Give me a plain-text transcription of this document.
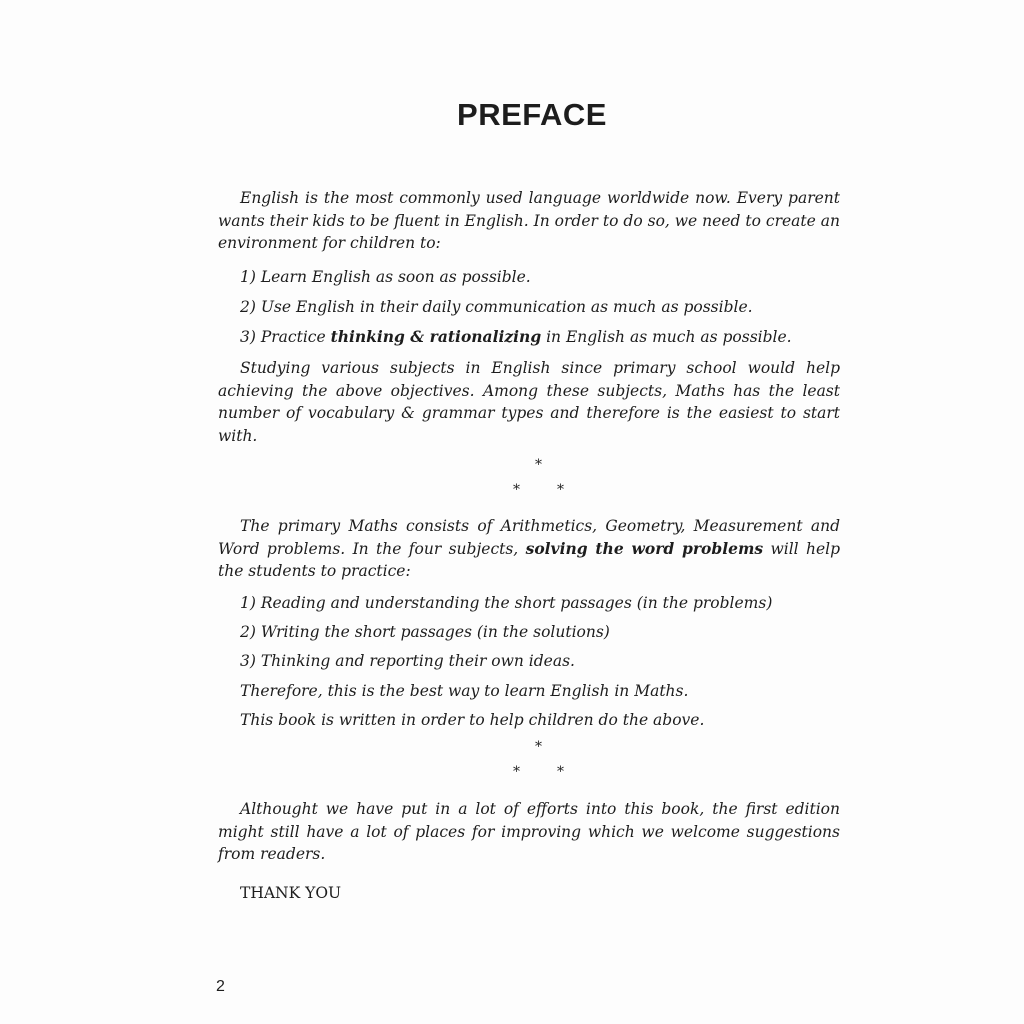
PREFACE

English is the most commonly used language worldwide now. Every parent wants their kids to be fluent in English. In order to do so, we need to create an environment for children to:

1) Learn English as soon as possible.

2) Use English in their daily communication as much as possible.

3) Practice thinking & rationalizing in English as much as possible.

Studying various subjects in English since primary school would help achieving the above objectives. Among these subjects, Maths has the least number of vocabulary & grammar types and therefore is the easiest to start with.

*
*	*

The primary Maths consists of Arithmetics, Geometry, Measurement and Word problems. In the four subjects, solving the word problems will help the students to practice:

1) Reading and understanding the short passages (in the problems)

2) Writing the short passages (in the solutions)

3) Thinking and reporting their own ideas.

Therefore, this is the best way to learn English in Maths.

This book is written in order to help children do the above.

*
*	*

Althought we have put in a lot of efforts into this book, the first edition might still have a lot of places for improving which we welcome suggestions from readers.

THANK YOU

2
